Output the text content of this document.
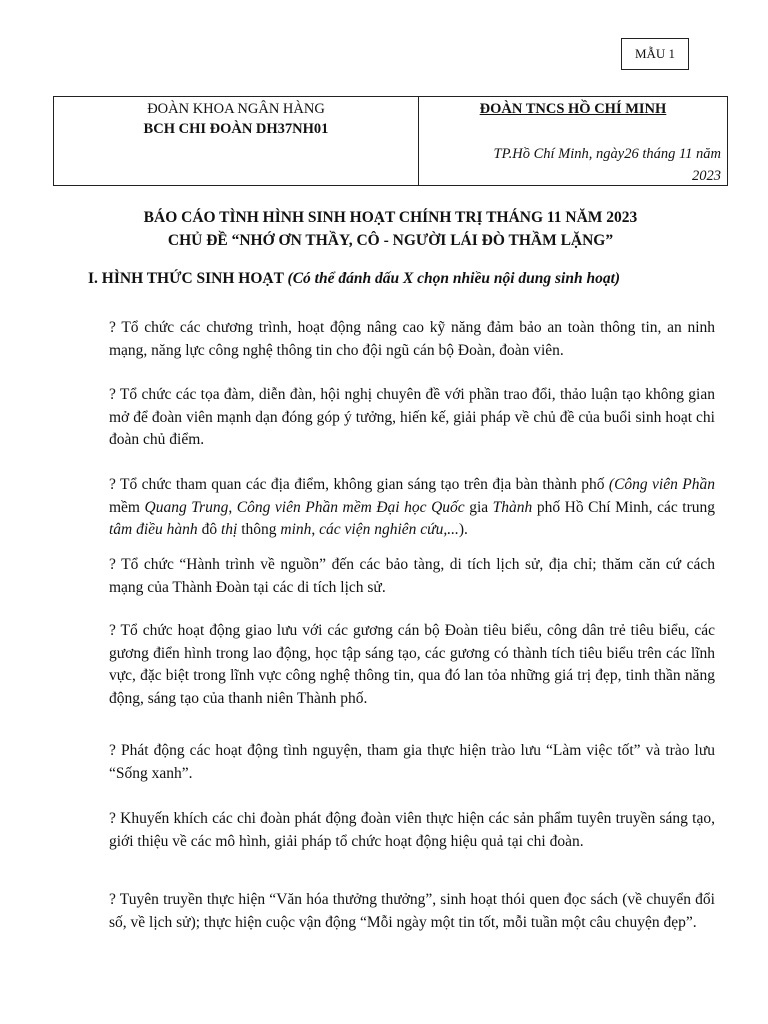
MẪU 1
ĐOÀN KHOA NGÂN HÀNG
BCH CHI ĐOÀN DH37NH01
ĐOÀN TNCS HỒ CHÍ MINH
TP.Hồ Chí Minh, ngày26 tháng 11 năm
2023
BÁO CÁO TÌNH HÌNH SINH HOẠT CHÍNH TRỊ THÁNG 11 NĂM 2023
CHỦ ĐỀ “NHỚ ƠN THẦY, CÔ - NGƯỜI LÁI ĐÒ THẦM LẶNG”
I. HÌNH THỨC SINH HOẠT (Có thể đánh dấu X chọn nhiều nội dung sinh hoạt)
? Tổ chức các chương trình, hoạt động nâng cao kỹ năng đảm bảo an toàn thông tin, an ninh mạng, năng lực công nghệ thông tin cho đội ngũ cán bộ Đoàn, đoàn viên.
? Tổ chức các tọa đàm, diễn đàn, hội nghị chuyên đề với phần trao đổi, thảo luận tạo không gian mở để đoàn viên mạnh dạn đóng góp ý tưởng, hiến kế, giải pháp về chủ đề của buổi sinh hoạt chi đoàn chủ điểm.
? Tổ chức tham quan các địa điểm, không gian sáng tạo trên địa bàn thành phố (Công viên Phần mềm Quang Trung, Công viên Phần mềm Đại học Quốc gia Thành phố Hồ Chí Minh, các trung tâm điều hành đô thị thông minh, các viện nghiên cứu,...).
? Tổ chức “Hành trình về nguồn” đến các bảo tàng, di tích lịch sử, địa chỉ; thăm căn cứ cách mạng của Thành Đoàn tại các di tích lịch sử.
? Tổ chức hoạt động giao lưu với các gương cán bộ Đoàn tiêu biểu, công dân trẻ tiêu biểu, các gương điển hình trong lao động, học tập sáng tạo, các gương có thành tích tiêu biểu trên các lĩnh vực, đặc biệt trong lĩnh vực công nghệ thông tin, qua đó lan tỏa những giá trị đẹp, tinh thần năng động, sáng tạo của thanh niên Thành phố.
? Phát động các hoạt động tình nguyện, tham gia thực hiện trào lưu “Làm việc tốt” và trào lưu “Sống xanh”.
? Khuyến khích các chi đoàn phát động đoàn viên thực hiện các sản phẩm tuyên truyền sáng tạo, giới thiệu về các mô hình, giải pháp tổ chức hoạt động hiệu quả tại chi đoàn.
? Tuyên truyền thực hiện “Văn hóa thưởng thưởng”, sinh hoạt thói quen đọc sách (về chuyển đổi số, về lịch sử); thực hiện cuộc vận động “Mỗi ngày một tin tốt, mỗi tuần một câu chuyện đẹp”.
